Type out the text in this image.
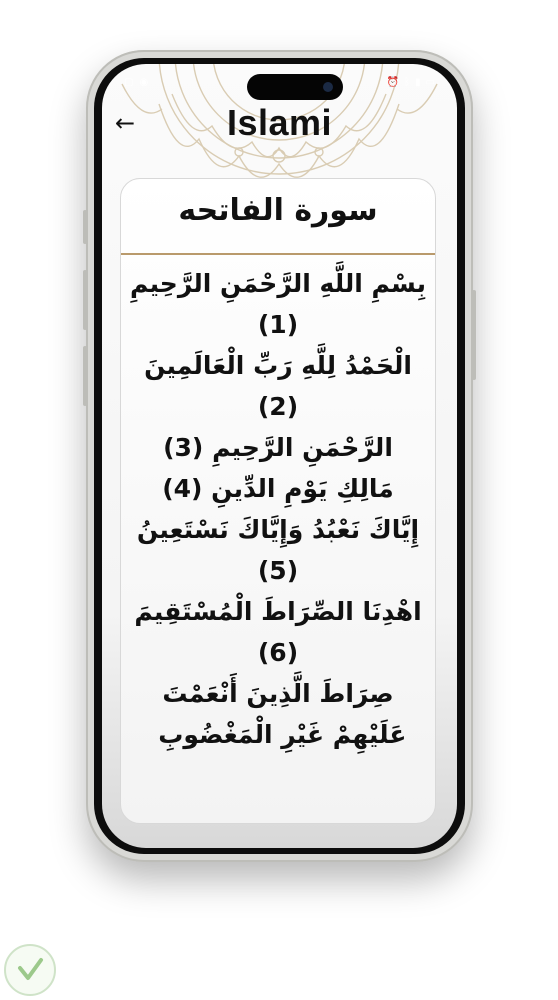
▢ ◉	⏰ ᛒ ▮ ▭
←	Islami
سورة الفاتحه
بِسْمِ اللَّهِ الرَّحْمَنِ الرَّحِيمِ (1)
الْحَمْدُ لِلَّهِ رَبِّ الْعَالَمِينَ (2)
الرَّحْمَنِ الرَّحِيمِ (3)
مَالِكِ يَوْمِ الدِّينِ (4)
إِيَّاكَ نَعْبُدُ وَإِيَّاكَ نَسْتَعِينُ (5)
اهْدِنَا الصِّرَاطَ الْمُسْتَقِيمَ (6)
صِرَاطَ الَّذِينَ أَنْعَمْتَ عَلَيْهِمْ غَيْرِ الْمَغْضُوبِ
